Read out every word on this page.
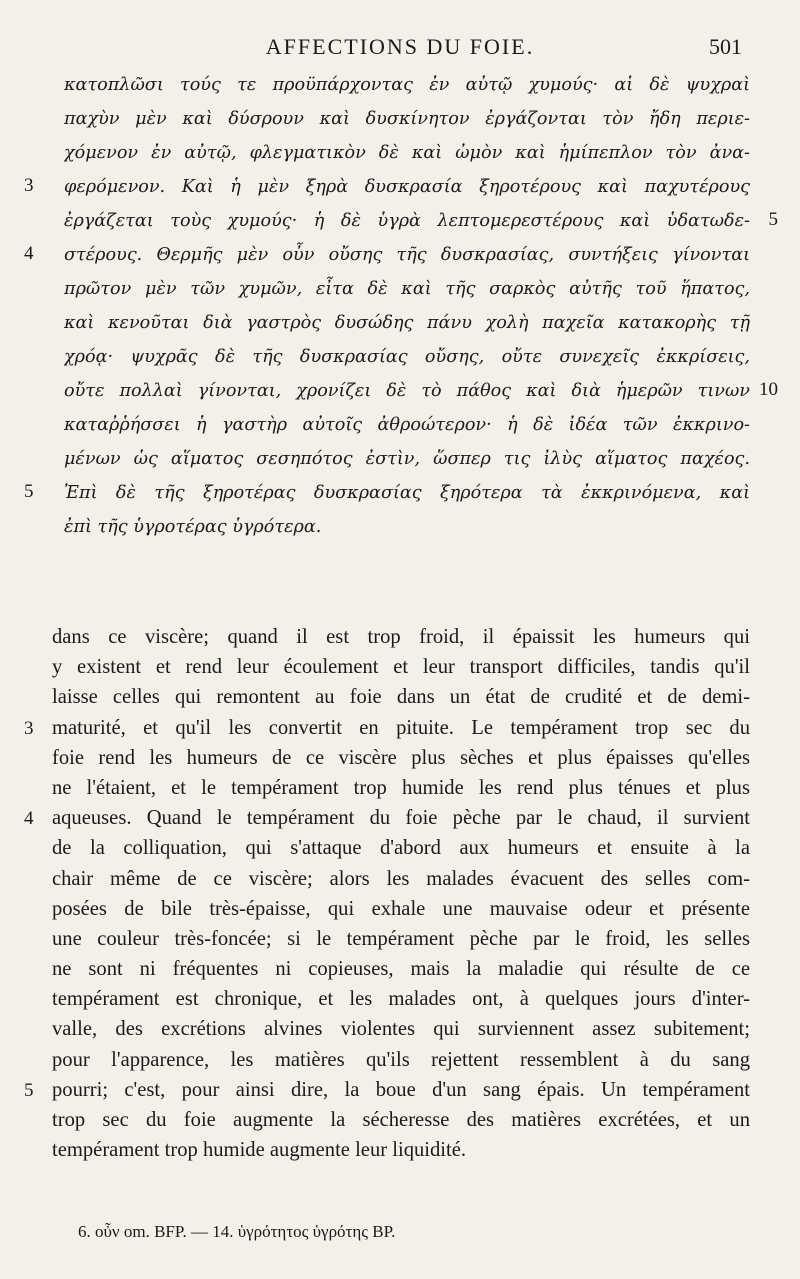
AFFECTIONS DU FOIE.	501
κατοπλῶσι τούς τε προϋπάρχοντας ἐν αὐτῷ χυμούς· αἱ δὲ ψυχραὶ
παχὺν μὲν καὶ δύσρουν καὶ δυσκίνητον ἐργάζονται τὸν ἤδη περιε-
χόμενον ἐν αὐτῷ, φλεγματικὸν δὲ καὶ ὠμὸν καὶ ἡμίπεπλον τὸν ἀνα-
φερόμενον. Καὶ ἡ μὲν ξηρὰ δυσκρασία ξηροτέρους καὶ παχυτέρους
ἐργάζεται τοὺς χυμούς· ἡ δὲ ὑγρὰ λεπτομερεστέρους καὶ ὑδατωδε-
στέρους. Θερμῆς μὲν οὖν οὔσης τῆς δυσκρασίας, συντήξεις γίνονται
πρῶτον μὲν τῶν χυμῶν, εἶτα δὲ καὶ τῆς σαρκὸς αὐτῆς τοῦ ἥπατος,
καὶ κενοῦται διὰ γαστρὸς δυσώδης πάνυ χολὴ παχεῖα κατακορὴς τῇ
χρόᾳ· ψυχρᾶς δὲ τῆς δυσκρασίας οὔσης, οὔτε συνεχεῖς ἐκκρίσεις,
οὔτε πολλαὶ γίνονται, χρονίζει δὲ τὸ πάθος καὶ διὰ ἡμερῶν τινων
καταῤῥήσσει ἡ γαστὴρ αὐτοῖς ἀθροώτερον· ἡ δὲ ἰδέα τῶν ἐκκρινο-
μένων ὡς αἵματος σεσηπότος ἐστὶν, ὥσπερ τις ἰλὺς αἵματος παχέος.
Ἐπὶ δὲ τῆς ξηροτέρας δυσκρασίας ξηρότερα τὰ ἐκκρινόμενα, καὶ
ἐπὶ τῆς ὑγροτέρας ὑγρότερα.
3
4
5
5
10
dans ce viscère; quand il est trop froid, il épaissit les humeurs qui
y existent et rend leur écoulement et leur transport difficiles, tandis qu'il
laisse celles qui remontent au foie dans un état de crudité et de demi-
maturité, et qu'il les convertit en pituite. Le tempérament trop sec du
foie rend les humeurs de ce viscère plus sèches et plus épaisses qu'elles
ne l'étaient, et le tempérament trop humide les rend plus ténues et plus
aqueuses. Quand le tempérament du foie pèche par le chaud, il survient
de la colliquation, qui s'attaque d'abord aux humeurs et ensuite à la
chair même de ce viscère; alors les malades évacuent des selles com-
posées de bile très-épaisse, qui exhale une mauvaise odeur et présente
une couleur très-foncée; si le tempérament pèche par le froid, les selles
ne sont ni fréquentes ni copieuses, mais la maladie qui résulte de ce
tempérament est chronique, et les malades ont, à quelques jours d'inter-
valle, des excrétions alvines violentes qui surviennent assez subitement;
pour l'apparence, les matières qu'ils rejettent ressemblent à du sang
pourri; c'est, pour ainsi dire, la boue d'un sang épais. Un tempérament
trop sec du foie augmente la sécheresse des matières excrétées, et un
tempérament trop humide augmente leur liquidité.
3
4
5
6. οὖν om. BFP. — 14. ὑγρότητος ὑγρότης BP.
